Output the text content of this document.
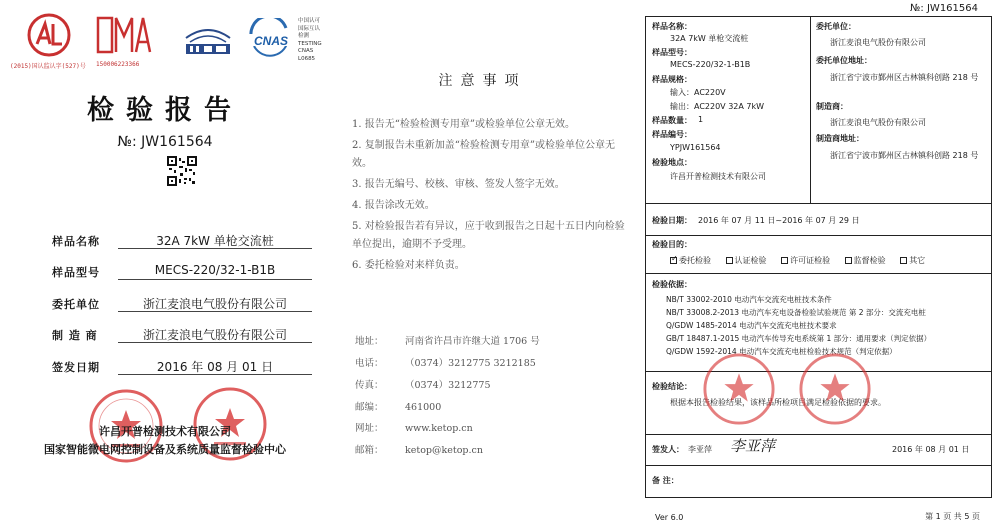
(2015)国认监认字(527)号 150006223366
CNAS
中国认可
国际互认
检测
TESTING
CNAS L0685
检验报告
№: JW161564
样品名称	32A 7kW 单枪交流桩
样品型号	MECS-220/32-1-B1B
委托单位	浙江麦浪电气股份有限公司
制 造 商	浙江麦浪电气股份有限公司
签发日期	2016 年 08 月 01 日
许昌开普检测技术有限公司
国家智能微电网控制设备及系统质量监督检验中心
注意事项
1. 报告无“检验检测专用章”或检验单位公章无效。
2. 复制报告未重新加盖“检验检测专用章”或检验单位公章无效。
3. 报告无编号、校核、审核、签发人签字无效。
4. 报告涂改无效。
5. 对检验报告若有异议，应于收到报告之日起十五日内向检验单位提出，逾期不予受理。
6. 委托检验对来样负责。
地址： 河南省许昌市许继大道 1706 号
电话： （0374）3212775 3212185
传真： （0374）3212775
邮编： 461000
网址： www.ketop.cn
邮箱： ketop@ketop.cn
№: JW161564
样品名称：
32A 7kW 单枪交流桩
样品型号：
MECS-220/32-1-B1B
样品规格：
输入：AC220V
输出：AC220V 32A 7kW
样品数量： 1
样品编号：
YPJW161564
检验地点：
许昌开普检测技术有限公司
委托单位：
浙江麦浪电气股份有限公司
委托单位地址：
浙江省宁波市鄞州区古林镇科创路 218 号
制造商：
浙江麦浪电气股份有限公司
制造商地址：
浙江省宁波市鄞州区古林镇科创路 218 号
检验日期： 2016 年 07 月 11 日~2016 年 07 月 29 日
检验目的：
✓委托检验	认证检验	许可证检验	监督检验	其它
检验依据：
NB/T 33002-2010 电动汽车交流充电桩技术条件
NB/T 33008.2-2013 电动汽车充电设备检验试验规范 第 2 部分：交流充电桩
Q/GDW 1485-2014 电动汽车交流充电桩技术要求
GB/T 18487.1-2015 电动汽车传导充电系统第 1 部分：通用要求（判定依据）
Q/GDW 1592-2014 电动汽车交流充电桩检验技术规范（判定依据）
检验结论：
根据本报告检验结果，该样品所检项目满足检验依据的要求。
签发人： 李亚萍 李亚萍	2016 年 08 月 01 日
备 注：
Ver 6.0	第 1 页 共 5 页
